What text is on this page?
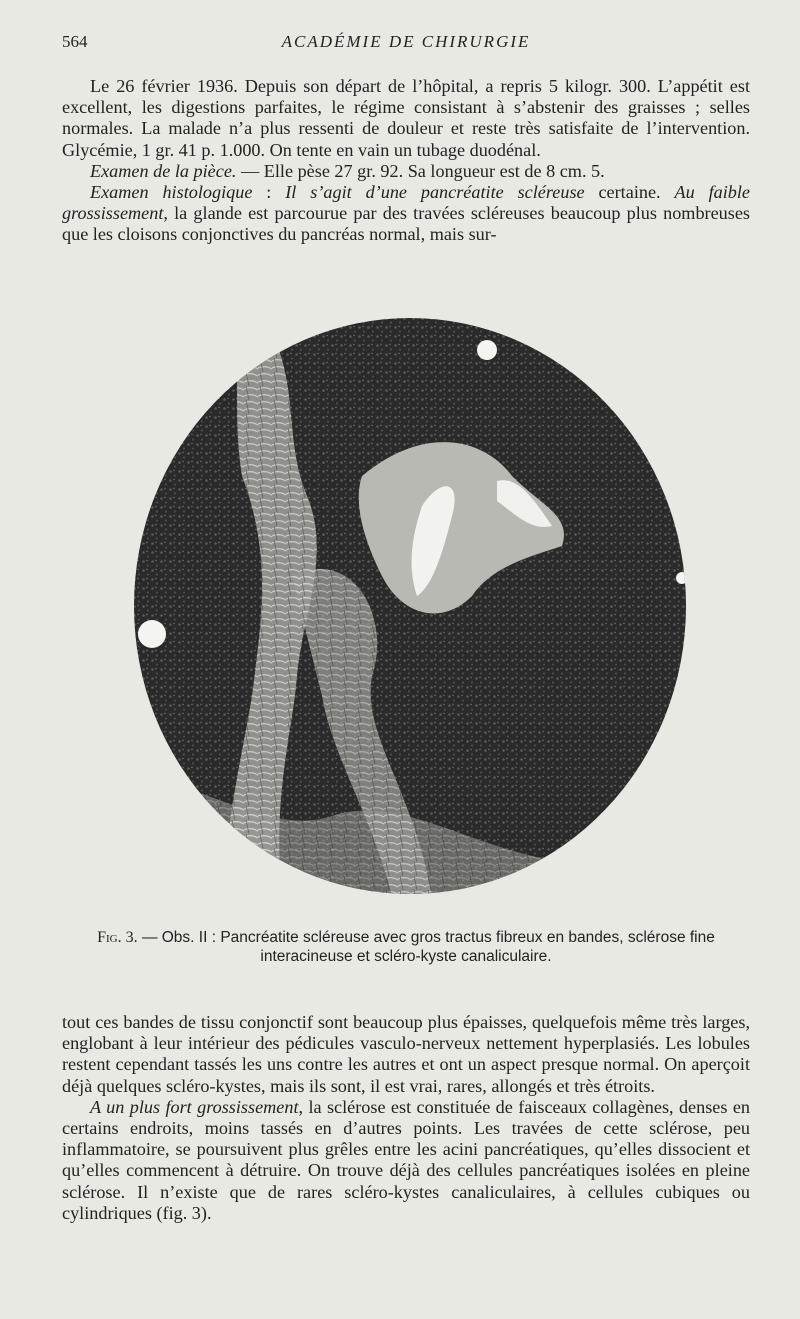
564	ACADÉMIE DE CHIRURGIE

Le 26 février 1936. Depuis son départ de l’hôpital, a repris 5 kilogr. 300. L’appétit est excellent, les digestions parfaites, le régime consistant à s’abstenir des graisses ; selles normales. La malade n’a plus ressenti de douleur et reste très satisfaite de l’intervention. Glycémie, 1 gr. 41 p. 1.000. On tente en vain un tubage duodénal.

Examen de la pièce. — Elle pèse 27 gr. 92. Sa longueur est de 8 cm. 5.

Examen histologique : Il s’agit d’une pancréatite scléreuse certaine. Au faible grossissement, la glande est parcourue par des travées scléreuses beaucoup plus nombreuses que les cloisons conjonctives du pancréas normal, mais sur-

Fig. 3. — Obs. II : Pancréatite scléreuse avec gros tractus fibreux en bandes, sclérose fine interacineuse et scléro-kyste canaliculaire.

tout ces bandes de tissu conjonctif sont beaucoup plus épaisses, quelquefois même très larges, englobant à leur intérieur des pédicules vasculo-nerveux nettement hyperplasiés. Les lobules restent cependant tassés les uns contre les autres et ont un aspect presque normal. On aperçoit déjà quelques scléro-kystes, mais ils sont, il est vrai, rares, allongés et très étroits.

A un plus fort grossissement, la sclérose est constituée de faisceaux collagènes, denses en certains endroits, moins tassés en d’autres points. Les travées de cette sclérose, peu inflammatoire, se poursuivent plus grêles entre les acini pancréatiques, qu’elles dissocient et qu’elles commencent à détruire. On trouve déjà des cellules pancréatiques isolées en pleine sclérose. Il n’existe que de rares scléro-kystes canaliculaires, à cellules cubiques ou cylindriques (fig. 3).
